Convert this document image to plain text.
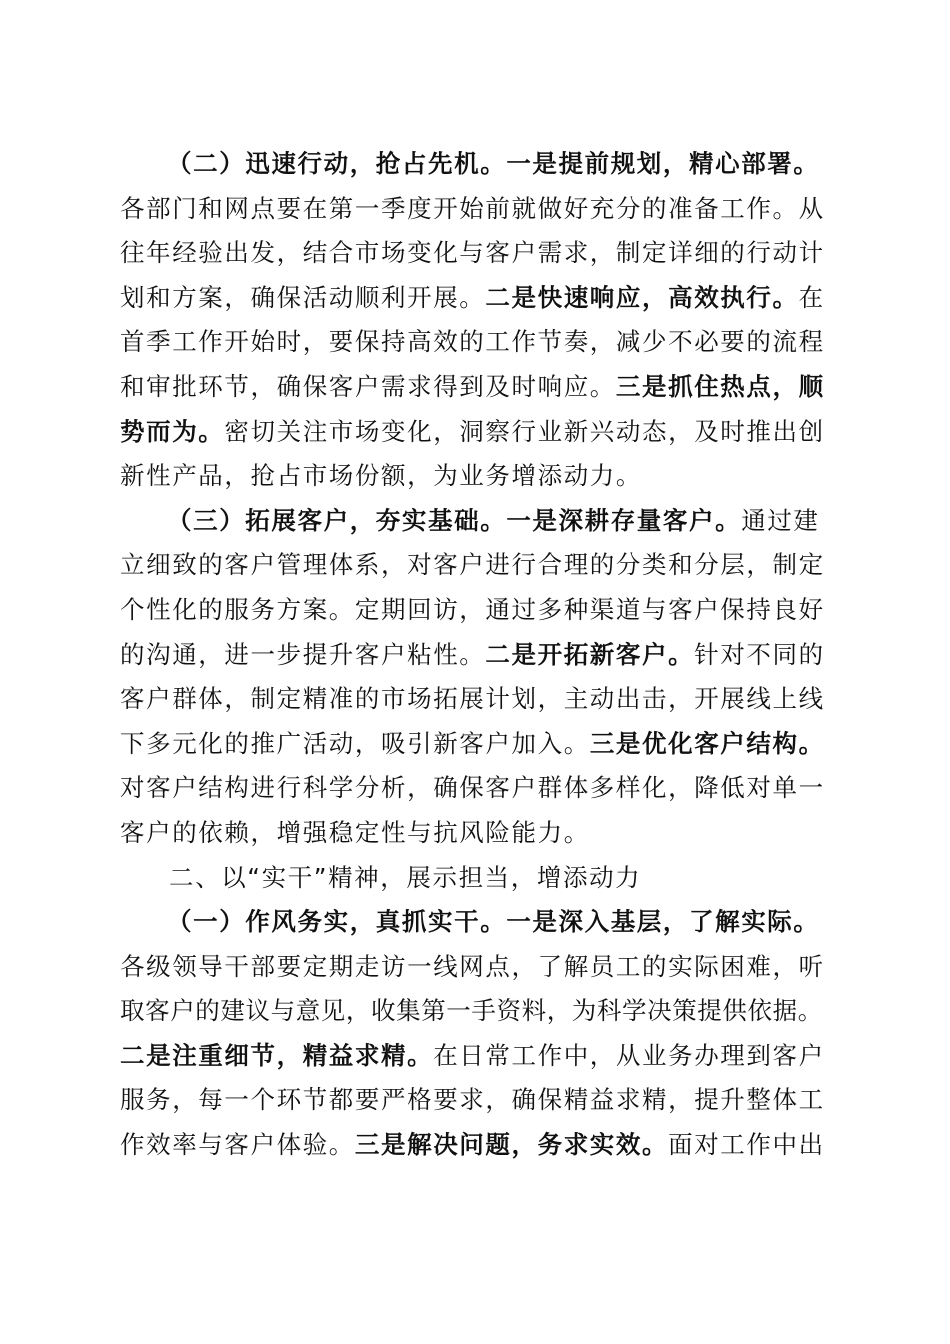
（二）迅速行动，抢占先机。一是提前规划，精心部署。
各部门和网点要在第一季度开始前就做好充分的准备工作。从
往年经验出发，结合市场变化与客户需求，制定详细的行动计
划和方案，确保活动顺利开展。二是快速响应，高效执行。在
首季工作开始时，要保持高效的工作节奏，减少不必要的流程
和审批环节，确保客户需求得到及时响应。三是抓住热点，顺
势而为。密切关注市场变化，洞察行业新兴动态，及时推出创
新性产品，抢占市场份额，为业务增添动力。
（三）拓展客户，夯实基础。一是深耕存量客户。通过建
立细致的客户管理体系，对客户进行合理的分类和分层，制定
个性化的服务方案。定期回访，通过多种渠道与客户保持良好
的沟通，进一步提升客户粘性。二是开拓新客户。针对不同的
客户群体，制定精准的市场拓展计划，主动出击，开展线上线
下多元化的推广活动，吸引新客户加入。三是优化客户结构。
对客户结构进行科学分析，确保客户群体多样化，降低对单一
客户的依赖，增强稳定性与抗风险能力。
二、以“实干”精神，展示担当，增添动力
（一）作风务实，真抓实干。一是深入基层，了解实际。
各级领导干部要定期走访一线网点，了解员工的实际困难，听
取客户的建议与意见，收集第一手资料，为科学决策提供依据。
二是注重细节，精益求精。在日常工作中，从业务办理到客户
服务，每一个环节都要严格要求，确保精益求精，提升整体工
作效率与客户体验。三是解决问题，务求实效。面对工作中出
